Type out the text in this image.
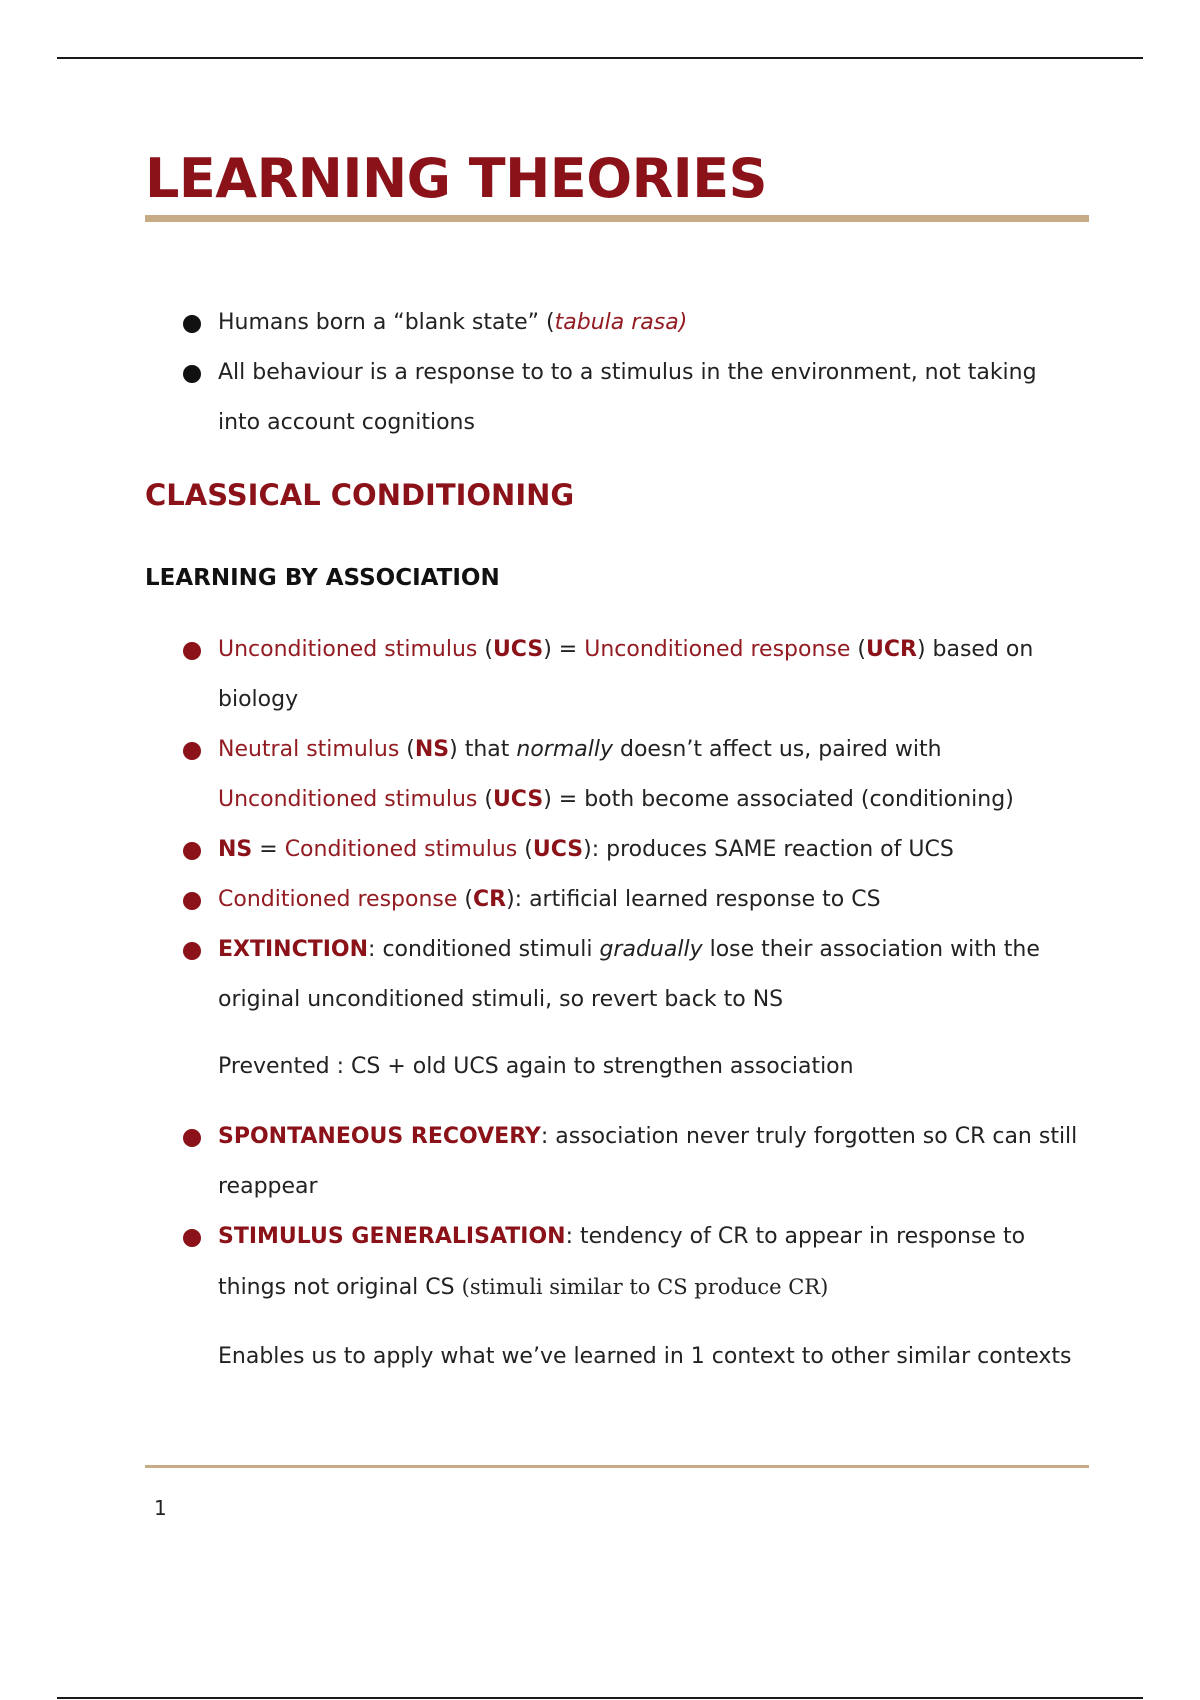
LEARNING THEORIES
Humans born a “blank state” (tabula rasa)
All behaviour is a response to to a stimulus in the environment, not taking
into account cognitions
CLASSICAL CONDITIONING
LEARNING BY ASSOCIATION
Unconditioned stimulus (UCS) = Unconditioned response (UCR) based on
biology
Neutral stimulus (NS) that normally doesn’t affect us, paired with
Unconditioned stimulus (UCS) = both become associated (conditioning)
NS = Conditioned stimulus (UCS): produces SAME reaction of UCS
Conditioned response (CR): artificial learned response to CS
EXTINCTION: conditioned stimuli gradually lose their association with the
original unconditioned stimuli, so revert back to NS

Prevented : CS + old UCS again to strengthen association

SPONTANEOUS RECOVERY: association never truly forgotten so CR can still
reappear
STIMULUS GENERALISATION: tendency of CR to appear in response to
things not original CS (stimuli similar to CS produce CR)

Enables us to apply what we’ve learned in 1 context to other similar contexts

1
